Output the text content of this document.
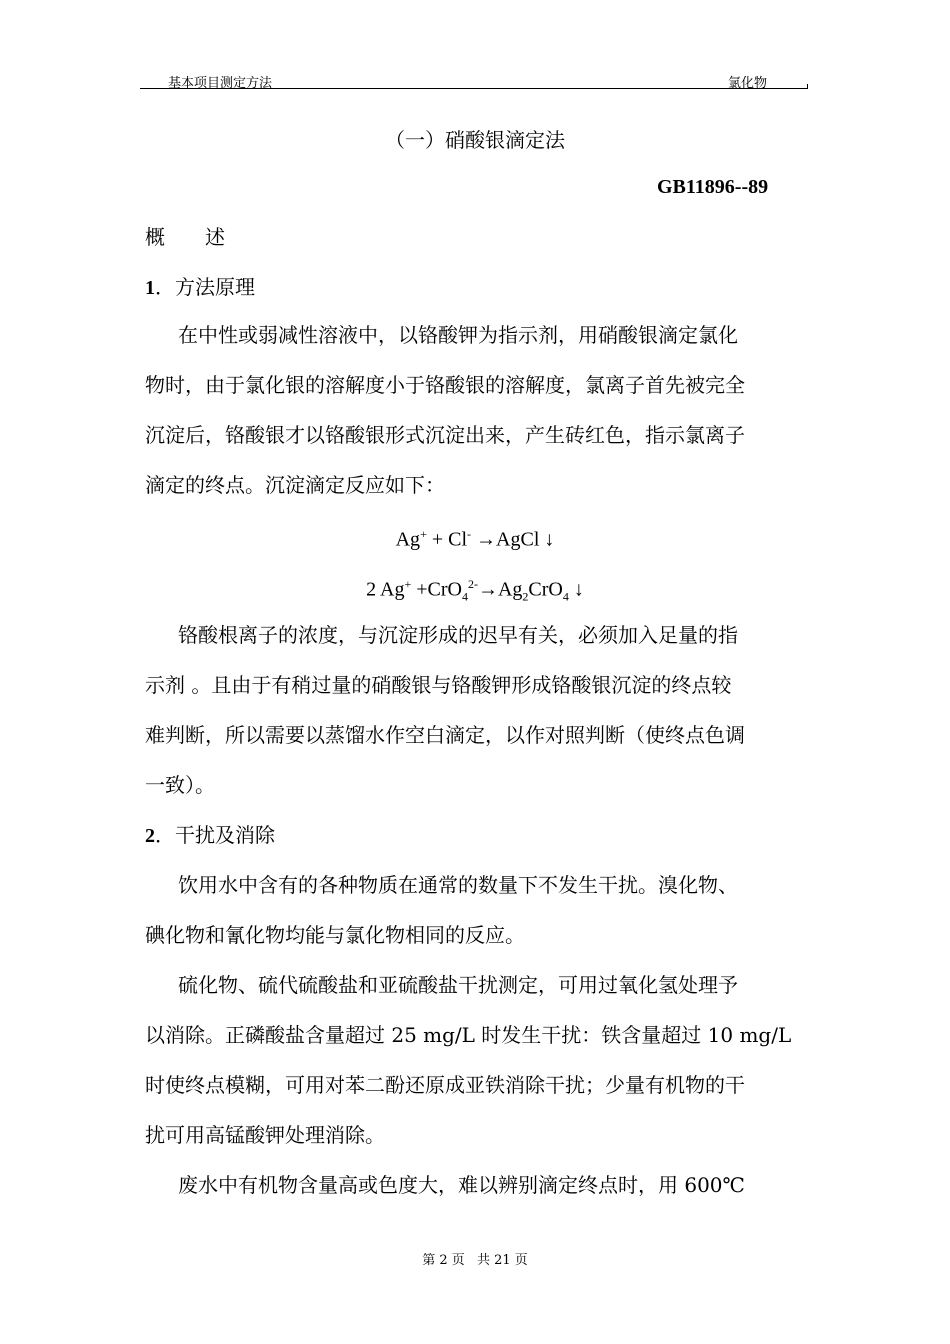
基本项目测定方法	氯化物
（一）硝酸银滴定法
GB11896--89
概　　述
1．方法原理
在中性或弱减性溶液中，以铬酸钾为指示剂，用硝酸银滴定氯化
物时，由于氯化银的溶解度小于铬酸银的溶解度，氯离子首先被完全
沉淀后，铬酸银才以铬酸银形式沉淀出来，产生砖红色，指示氯离子
滴定的终点。沉淀滴定反应如下：
Ag+ + Cl- →AgCl ↓
2 $Ag^+ +CrO_4^{2-}\to Ag_2CrO_4$ ↓
铬酸根离子的浓度，与沉淀形成的迟早有关，必须加入足量的指
示剂 。且由于有稍过量的硝酸银与铬酸钾形成铬酸银沉淀的终点较
难判断，所以需要以蒸馏水作空白滴定，以作对照判断（使终点色调
一致）。
2．干扰及消除
饮用水中含有的各种物质在通常的数量下不发生干扰。溴化物、
碘化物和氰化物均能与氯化物相同的反应。
硫化物、硫代硫酸盐和亚硫酸盐干扰测定，可用过氧化氢处理予
以消除。正磷酸盐含量超过 25 mg/L 时发生干扰：铁含量超过 10 mg/L
时使终点模糊，可用对苯二酚还原成亚铁消除干扰；少量有机物的干
扰可用高锰酸钾处理消除。
废水中有机物含量高或色度大，难以辨别滴定终点时，用 600℃
第 2 页 共 21 页
